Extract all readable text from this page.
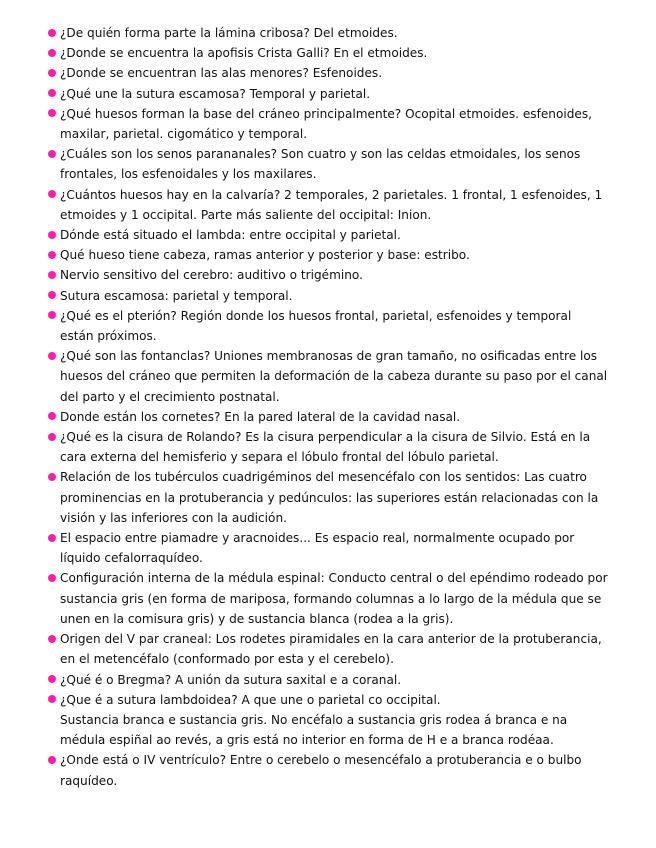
¿De quién forma parte la lámina cribosa? Del etmoides.
¿Donde se encuentra la apofisis Crista Galli? En el etmoides.
¿Donde se encuentran las alas menores? Esfenoides.
¿Qué une la sutura escamosa? Temporal y parietal.
¿Qué huesos forman la base del cráneo principalmente? Ocopital etmoides. esfenoides, maxilar, parietal. cigomático y temporal.
¿Cuáles son los senos parananales? Son cuatro y son las celdas etmoidales, los senos frontales, los esfenoidales y los maxilares.
¿Cuántos huesos hay en la calvaría? 2 temporales, 2 parietales. 1 frontal, 1 esfenoides, 1 etmoides y 1 occipital. Parte más saliente del occipital: Inion.
Dónde está situado el lambda: entre occipital y parietal.
Qué hueso tiene cabeza, ramas anterior y posterior y base: estribo.
Nervio sensitivo del cerebro: auditivo o trigémino.
Sutura escamosa: parietal y temporal.
¿Qué es el pterión? Región donde los huesos frontal, parietal, esfenoides y temporal están próximos.
¿Qué son las fontanclas? Uniones membranosas de gran tamaño, no osificadas entre los huesos del cráneo que permiten la deformación de la cabeza durante su paso por el canal del parto y el crecimiento postnatal.
Donde están los cornetes? En la pared lateral de la cavidad nasal.
¿Qué es la cisura de Rolando? Es la cisura perpendicular a la cisura de Silvio. Está en la cara externa del hemisferio y separa el lóbulo frontal del lóbulo parietal.
Relación de los tubérculos cuadrigéminos del mesencéfalo con los sentidos: Las cuatro prominencias en la protuberancia y pedúnculos: las superiores están relacionadas con la visión y las inferiores con la audición.
El espacio entre piamadre y aracnoides... Es espacio real, normalmente ocupado por líquido cefalorraquídeo.
Configuración interna de la médula espinal: Conducto central o del epéndimo rodeado por sustancia gris (en forma de mariposa, formando columnas a lo largo de la médula que se unen en la comisura gris) y de sustancia blanca (rodea a la gris).
Origen del V par craneal: Los rodetes piramidales en la cara anterior de la protuberancia, en el metencéfalo (conformado por esta y el cerebelo).
¿Qué é o Bregma? A unión da sutura saxital e a coranal.
¿Que é a sutura lambdoidea? A que une o parietal co occipital.
Sustancia branca e sustancia gris. No encéfalo a sustancia gris rodea á branca e na médula espiñal ao revés, a gris está no interior en forma de H e a branca rodéaa.
¿Onde está o IV ventrículo? Entre o cerebelo o mesencéfalo a protuberancia e o bulbo raquídeo.
